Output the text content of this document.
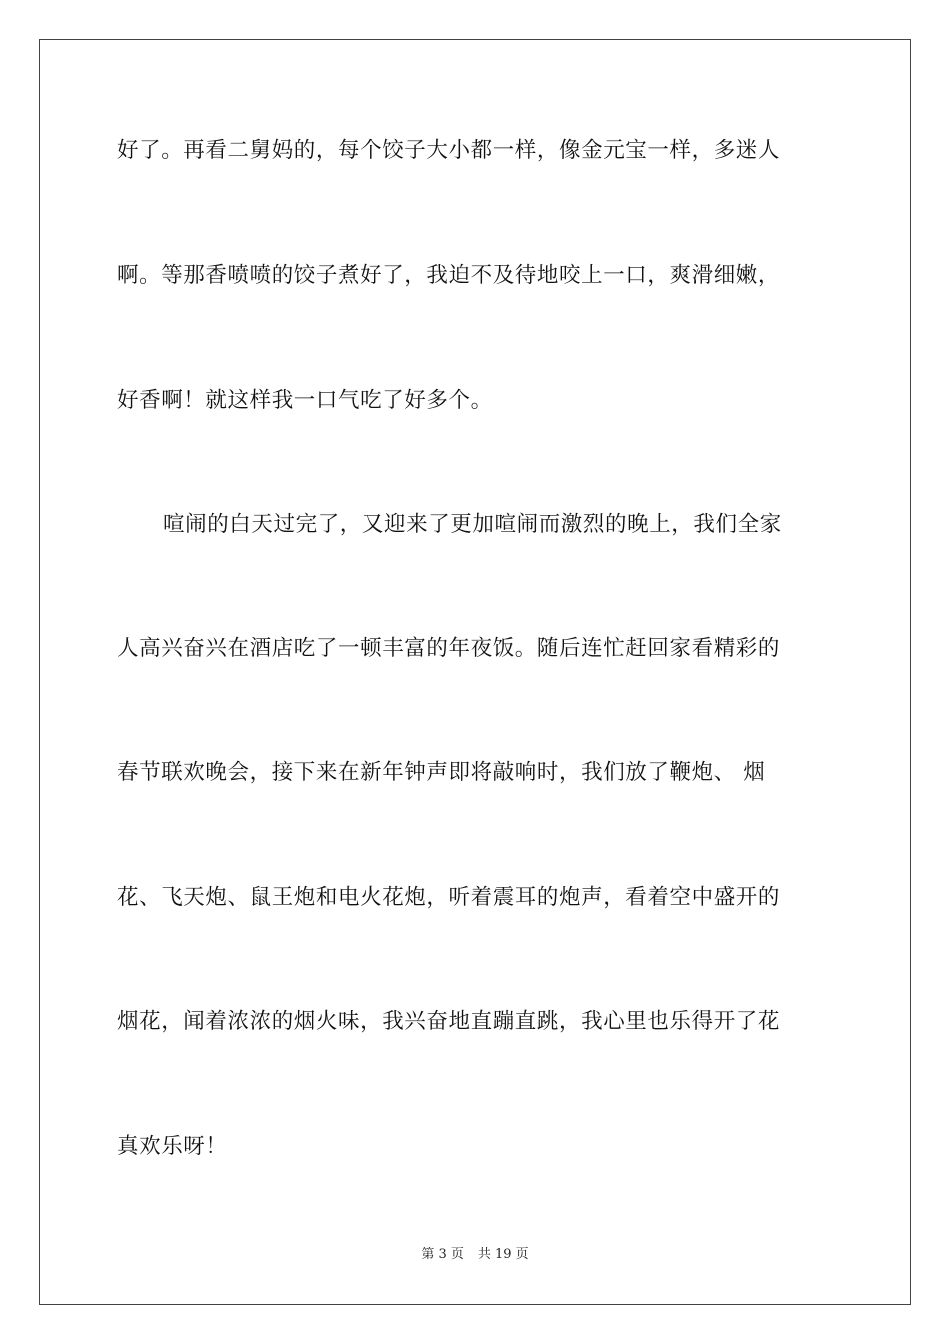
好了。再看二舅妈的，每个饺子大小都一样，像金元宝一样，多迷人
啊。等那香喷喷的饺子煮好了，我迫不及待地咬上一口，爽滑细嫩，
好香啊！就这样我一口气吃了好多个。
喧闹的白天过完了，又迎来了更加喧闹而激烈的晚上，我们全家
人高兴奋兴在酒店吃了一顿丰富的年夜饭。随后连忙赶回家看精彩的
春节联欢晚会，接下来在新年钟声即将敲响时，我们放了鞭炮、 烟
花、飞天炮、鼠王炮和电火花炮，听着震耳的炮声，看着空中盛开的
烟花，闻着浓浓的烟火味，我兴奋地直蹦直跳，我心里也乐得开了花
真欢乐呀！
第 3 页 共 19 页
